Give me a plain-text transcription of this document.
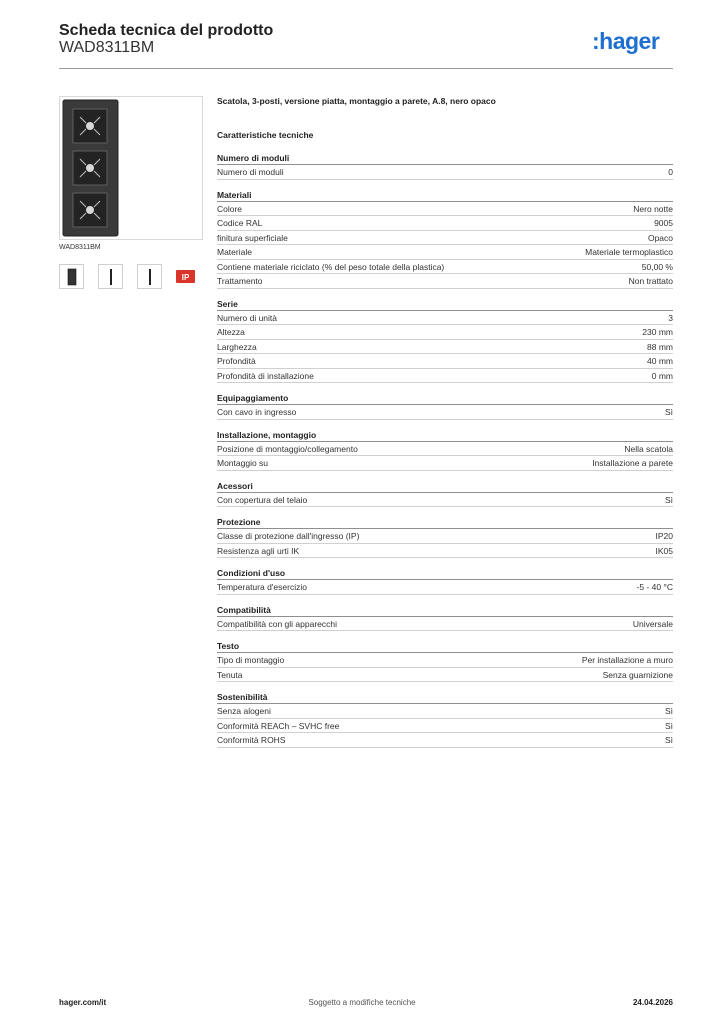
Scheda tecnica del prodotto
WAD8311BM	:hager
WAD8311BM
IP
Scatola, 3-posti, versione piatta, montaggio a parete, A.8, nero opaco
Caratteristiche tecniche
Numero di moduli
Numero di moduli	0
Materiali
Colore	Nero notte
Codice RAL	9005
finitura superficiale	Opaco
Materiale	Materiale termoplastico
Contiene materiale riciclato (% del peso totale della plastica)	50,00 %
Trattamento	Non trattato
Serie
Numero di unità	3
Altezza	230 mm
Larghezza	88 mm
Profondità	40 mm
Profondità di installazione	0 mm
Equipaggiamento
Con cavo in ingresso	Sì
Installazione, montaggio
Posizione di montaggio/collegamento	Nella scatola
Montaggio su	Installazione a parete
Acessori
Con copertura del telaio	Sì
Protezione
Classe di protezione dall'ingresso (IP)	IP20
Resistenza agli urti IK	IK05
Condizioni d'uso
Temperatura d'esercizio	-5 - 40 °C
Compatibilità
Compatibilità con gli apparecchi	Universale
Testo
Tipo di montaggio	Per installazione a muro
Tenuta	Senza guarnizione
Sostenibilità
Senza alogeni	Sì
Conformità REACh – SVHC free	Sì
Conformità ROHS	Sì
hager.com/it	Soggetto a modifiche tecniche	24.04.2026
